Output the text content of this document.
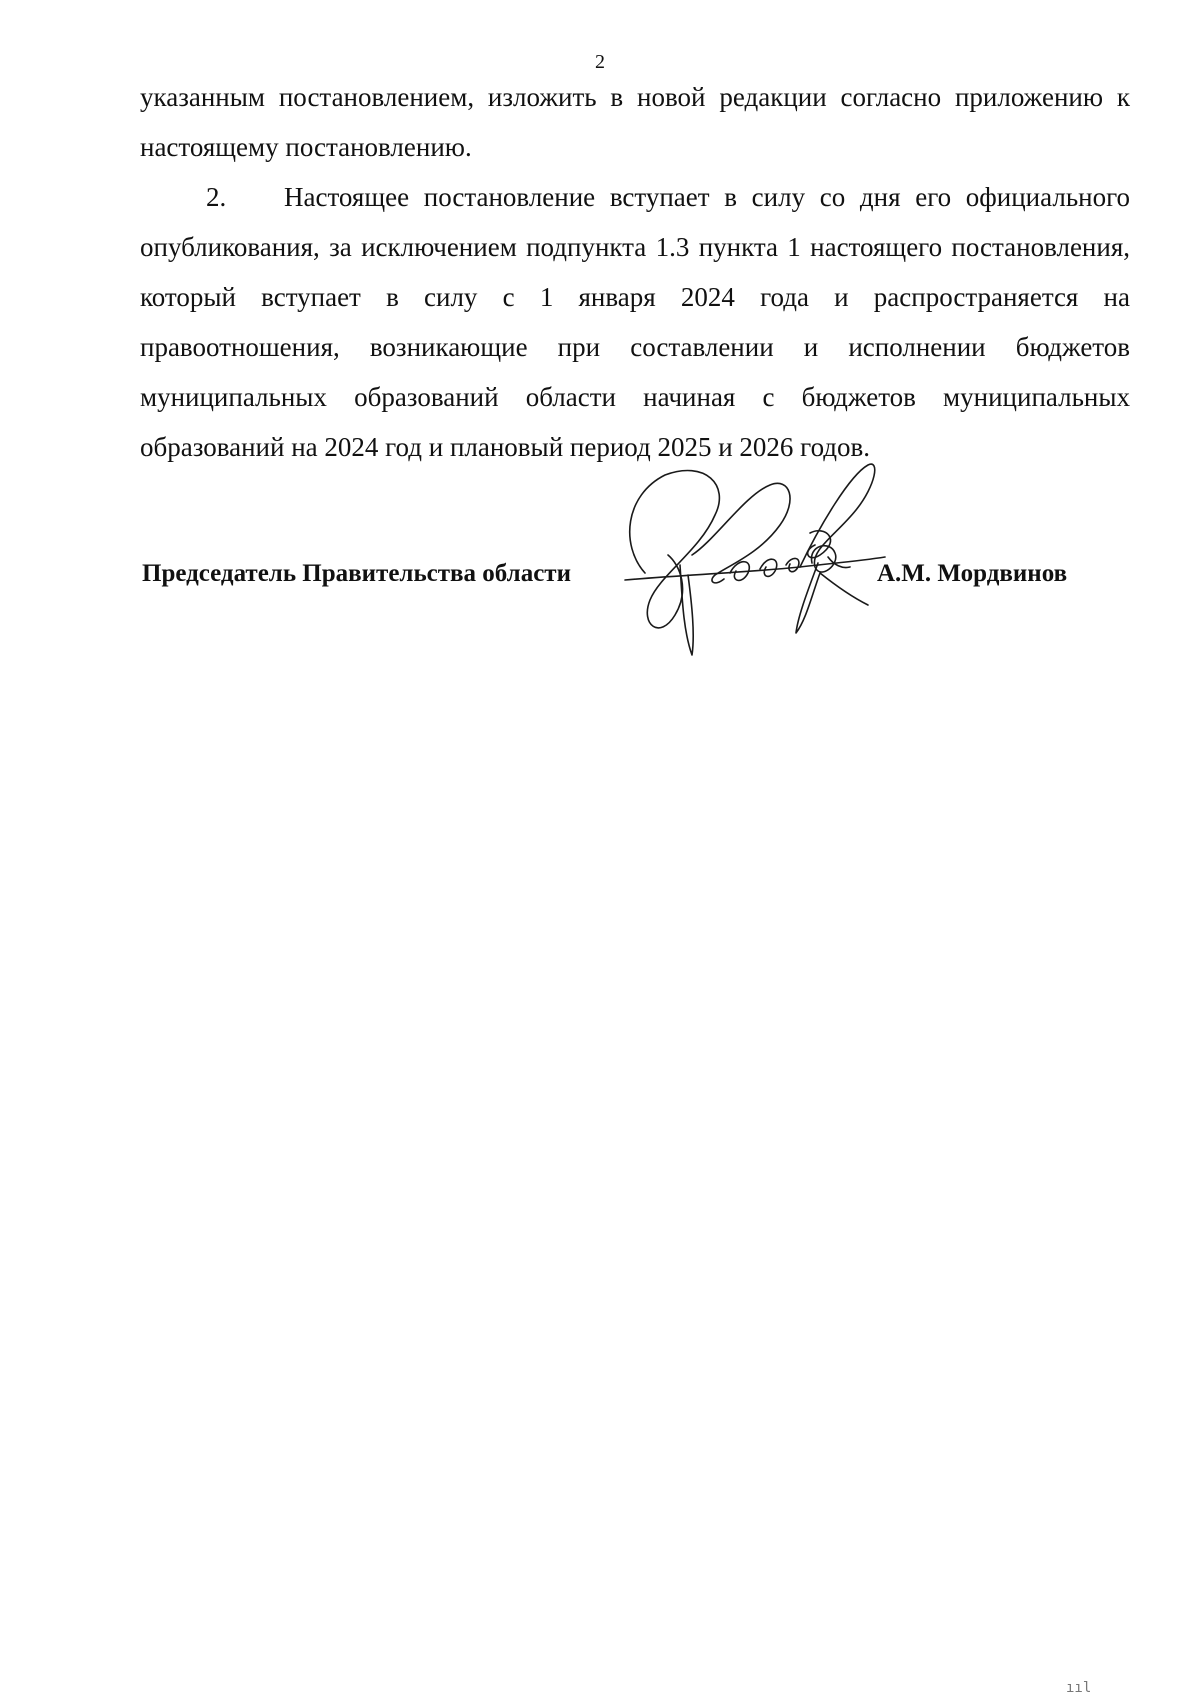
2

указанным постановлением, изложить в новой редакции согласно приложению к настоящему постановлению.

2. Настоящее постановление вступает в силу со дня его официального опубликования, за исключением подпункта 1.3 пункта 1 настоящего постановления, который вступает в силу с 1 января 2024 года и распространяется на правоотношения, возникающие при составлении и исполнении бюджетов муниципальных образований области начиная с бюджетов муниципальных образований на 2024 год и плановый период 2025 и 2026 годов.

Председатель Правительства области	А.М. Мордвинов
ııl
